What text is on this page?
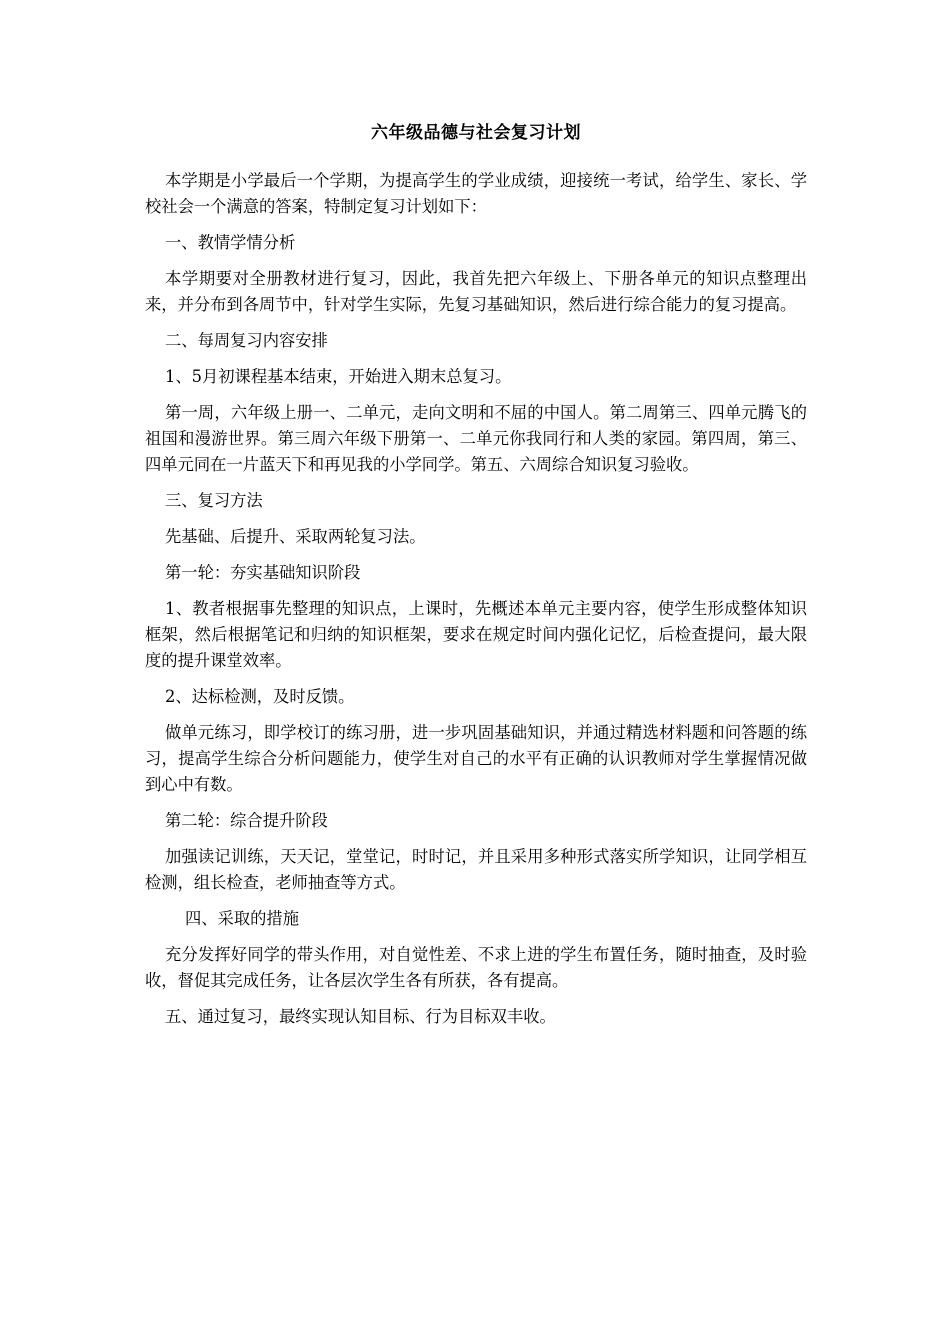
六年级品德与社会复习计划

本学期是小学最后一个学期，为提高学生的学业成绩，迎接统一考试，给学生、家长、学校社会一个满意的答案，特制定复习计划如下：

一、教情学情分析

本学期要对全册教材进行复习，因此，我首先把六年级上、下册各单元的知识点整理出来，并分布到各周节中，针对学生实际，先复习基础知识，然后进行综合能力的复习提高。

二、每周复习内容安排

1、5月初课程基本结束，开始进入期末总复习。

第一周，六年级上册一、二单元，走向文明和不屈的中国人。第二周第三、四单元腾飞的祖国和漫游世界。第三周六年级下册第一、二单元你我同行和人类的家园。第四周，第三、四单元同在一片蓝天下和再见我的小学同学。第五、六周综合知识复习验收。

三、复习方法

先基础、后提升、采取两轮复习法。

第一轮：夯实基础知识阶段

1、教者根据事先整理的知识点，上课时，先概述本单元主要内容，使学生形成整体知识框架，然后根据笔记和归纳的知识框架，要求在规定时间内强化记忆，后检查提问，最大限度的提升课堂效率。

2、达标检测，及时反馈。

做单元练习，即学校订的练习册，进一步巩固基础知识，并通过精选材料题和问答题的练习，提高学生综合分析问题能力，使学生对自己的水平有正确的认识教师对学生掌握情况做到心中有数。

第二轮：综合提升阶段

加强读记训练，天天记，堂堂记，时时记，并且采用多种形式落实所学知识，让同学相互检测，组长检查，老师抽查等方式。

四、采取的措施

充分发挥好同学的带头作用，对自觉性差、不求上进的学生布置任务，随时抽查，及时验收，督促其完成任务，让各层次学生各有所获，各有提高。

五、通过复习，最终实现认知目标、行为目标双丰收。
